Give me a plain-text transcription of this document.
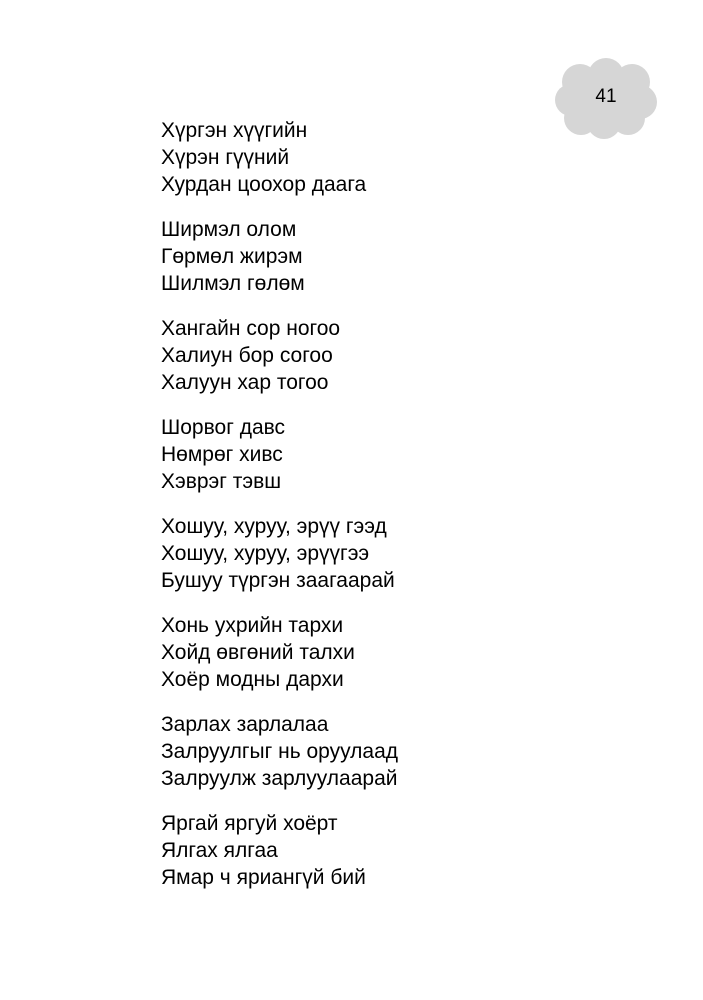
41
Хүргэн хүүгийн
Хүрэн гүүний
Хурдан цоохор даага
Ширмэл олом
Гөрмөл жирэм
Шилмэл гөлөм
Хангайн сор ногоо
Халиун бор согоо
Халуун хар тогоо
Шорвог давс
Нөмрөг хивс
Хэврэг тэвш
Хошуу, хуруу, эрүү гээд
Хошуу, хуруу, эрүүгээ
Бушуу түргэн заагаарай
Хонь ухрийн тархи
Хойд өвгөний талхи
Хоёр модны дархи
Зарлах зарлалаа
Залруулгыг нь оруулаад
Залруулж зарлуулаарай
Яргай яргуй хоёрт
Ялгах ялгаа
Ямар ч яриангүй бий
